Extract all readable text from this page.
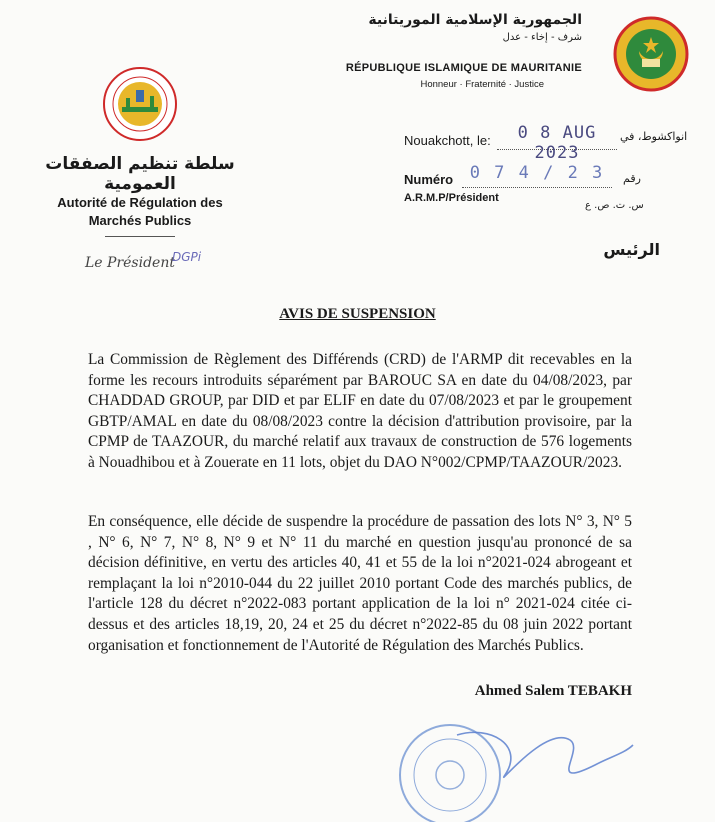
الجمهورية الإسلامية الموريتانية
شرف - إخاء - عدل
RÉPUBLIQUE ISLAMIQUE DE MAURITANIE
Honneur · Fraternité · Justice
سلطة تنظيم الصفقات العمومية
Autorité de Régulation des
Marchés Publics
Le Président
DGPi
Nouakchott, le:	0 8 AUG 2023
انواكشوط، في
Numéro 0 7 4 / 2 3	رقم
A.R.M.P/Président
س. ت. ص. ع
الرئيس
AVIS DE SUSPENSION
La Commission de Règlement des Différends (CRD) de l'ARMP dit recevables en la forme les recours introduits séparément par BAROUC SA en date du 04/08/2023, par CHADDAD GROUP, par DID et par ELIF en date du 07/08/2023 et par le groupement GBTP/AMAL en date du 08/08/2023 contre la décision d'attribution provisoire, par la CPMP de TAAZOUR, du marché relatif aux travaux de construction de 576 logements à Nouadhibou et à Zouerate en 11 lots, objet du DAO N°002/CPMP/TAAZOUR/2023.
En conséquence, elle décide de suspendre la procédure de passation des lots N° 3, N° 5 , N° 6, N° 7, N° 8, N° 9 et N° 11 du marché en question jusqu'au prononcé de sa décision définitive, en vertu des articles 40, 41 et 55 de la loi n°2021-024 abrogeant et remplaçant la loi n°2010-044 du 22 juillet 2010 portant Code des marchés publics, de l'article 128 du décret n°2022-083 portant application de la loi n° 2021-024 citée ci-dessus et des articles 18,19, 20, 24 et 25 du décret n°2022-85 du 08 juin 2022 portant organisation et fonctionnement de l'Autorité de Régulation des Marchés Publics.
Ahmed Salem TEBAKH
